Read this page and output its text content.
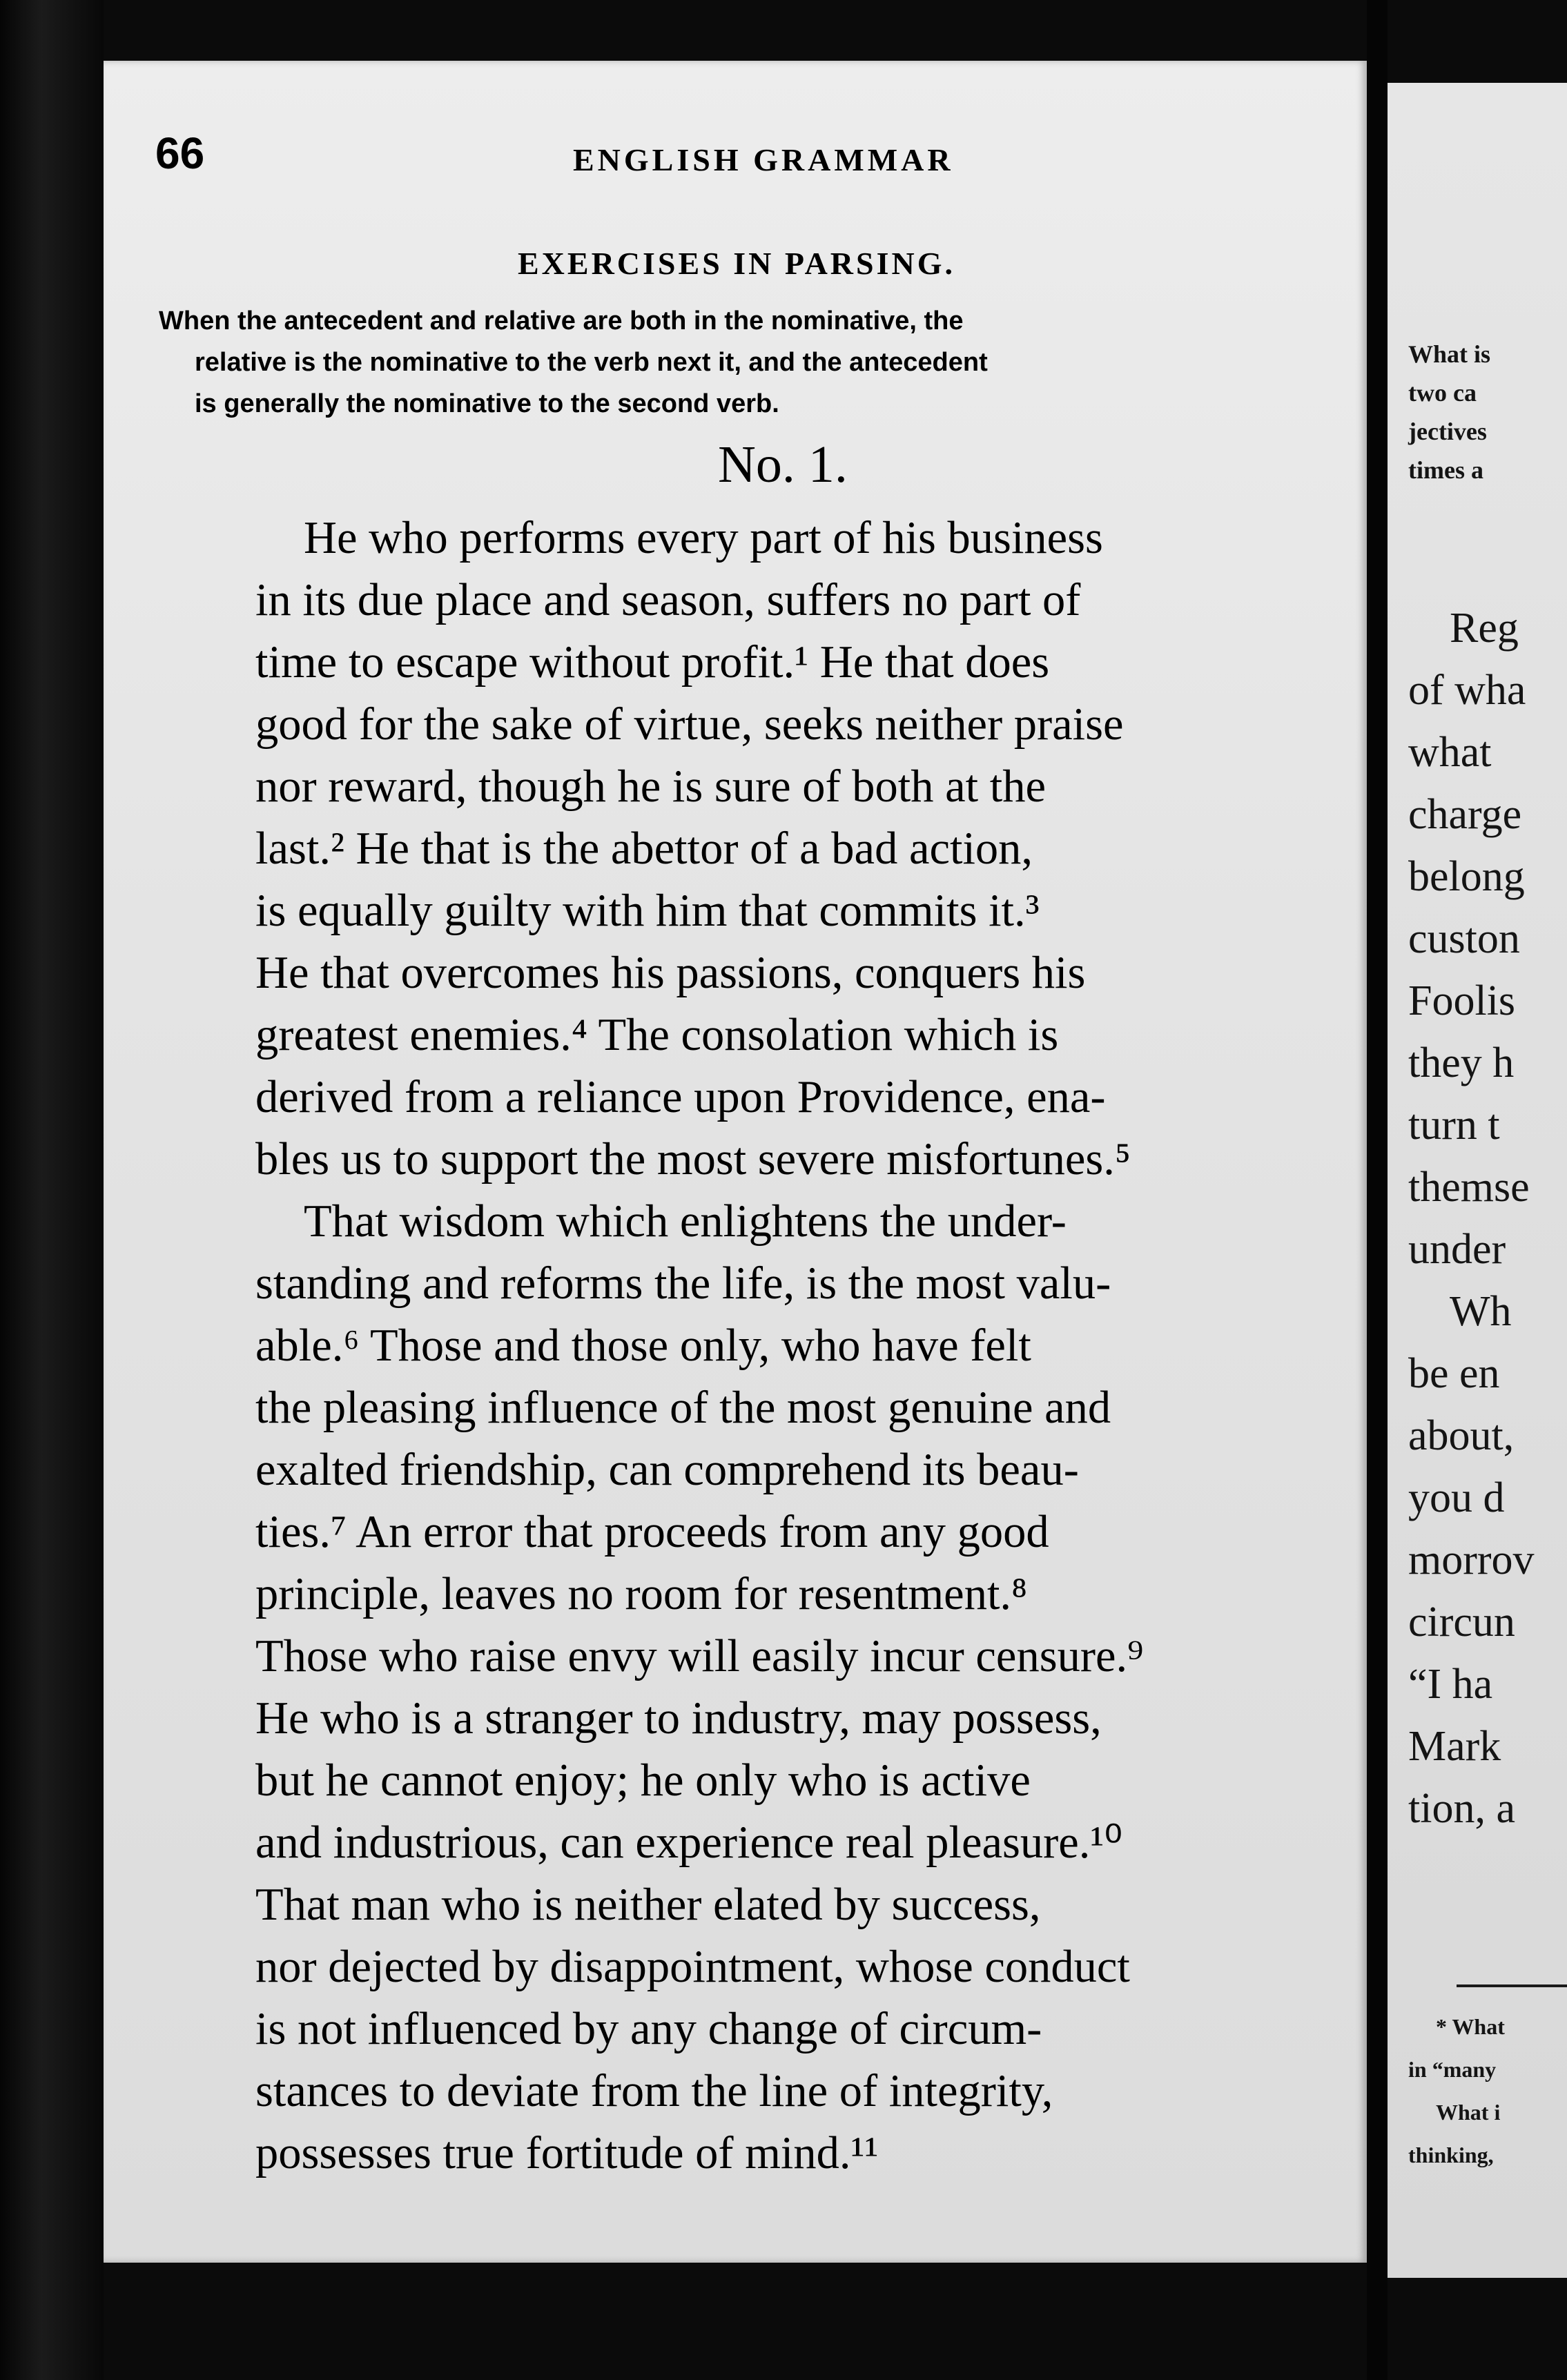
What is
two ca
jectives
times a
Reg
of wha
what
charge
belong
custon
Foolis
they h
turn t
themse
under
Wh
be en
about,
you d
morrov
circun
“I ha
Mark
tion, a
* What
in “many
What i
thinking,
66	ENGLISH GRAMMAR
EXERCISES IN PARSING.
When the antecedent and relative are both in the nominative, the
relative is the nominative to the verb next it, and the antecedent
is generally the nominative to the second verb.
No. 1.
He who performs every part of his business
in its due place and season, suffers no part of
time to escape without profit.¹ He that does
good for the sake of virtue, seeks neither praise
nor reward, though he is sure of both at the
last.² He that is the abettor of a bad action,
is equally guilty with him that commits it.³
He that overcomes his passions, conquers his
greatest enemies.⁴ The consolation which is
derived from a reliance upon Providence, ena-
bles us to support the most severe misfortunes.⁵
That wisdom which enlightens the under-
standing and reforms the life, is the most valu-
able.⁶ Those and those only, who have felt
the pleasing influence of the most genuine and
exalted friendship, can comprehend its beau-
ties.⁷ An error that proceeds from any good
principle, leaves no room for resentment.⁸
Those who raise envy will easily incur censure.⁹
He who is a stranger to industry, may possess,
but he cannot enjoy; he only who is active
and industrious, can experience real pleasure.¹⁰
That man who is neither elated by success,
nor dejected by disappointment, whose conduct
is not influenced by any change of circum-
stances to deviate from the line of integrity,
possesses true fortitude of mind.¹¹
